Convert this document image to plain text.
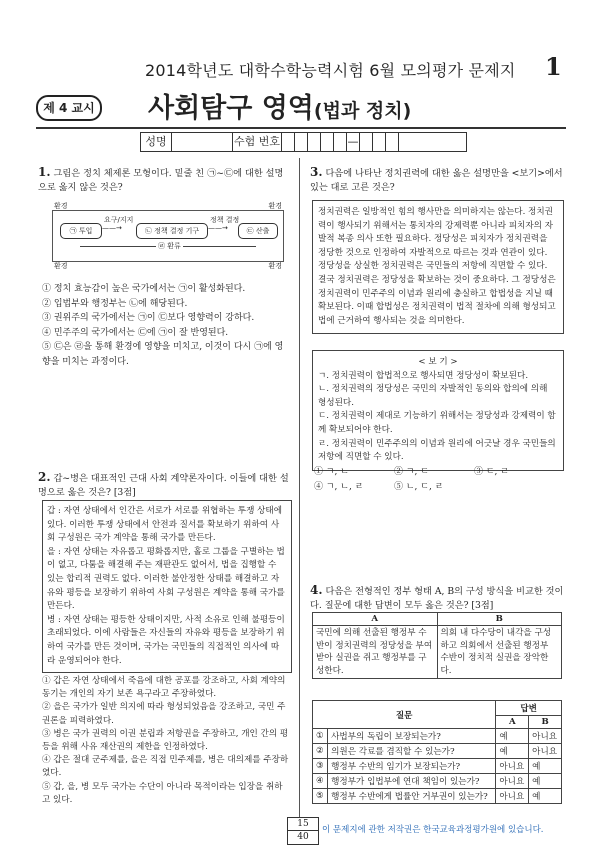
2014학년도 대학수학능력시험 6월 모의평가 문제지 1
제 4 교시 사회탐구 영역(법과 정치)
성명	수험 번호	—
1. 그림은 정치 체제론 모형이다. 밑줄 친 ㉠~㉢에 대한 설명으로 옳지 않은 것은?
환경	환경
환경	환경
㉠ 투입
요구/지지
——→	㉡ 정책 결정 기구
정책 결정
——→	㉢ 산출
㉣ 환류
① 정치 효능감이 높은 국가에서는 ㉠이 활성화된다.
② 입법부와 행정부는 ㉡에 해당된다.
③ 권위주의 국가에서는 ㉠이 ㉢보다 영향력이 강하다.
④ 민주주의 국가에서는 ㉢에 ㉠이 잘 반영된다.
⑤ ㉢은 ㉣을 통해 환경에 영향을 미치고, 이것이 다시 ㉠에 영향을 미치는 과정이다.
2. 갑~병은 대표적인 근대 사회 계약론자이다. 이들에 대한 설명으로 옳은 것은? [3점]
갑 : 자연 상태에서 인간은 서로가 서로를 위협하는 투쟁 상태에 있다. 이러한 투쟁 상태에서 안전과 질서를 확보하기 위하여 사회 구성원은 국가 계약을 통해 국가를 만든다.
을 : 자연 상태는 자유롭고 평화롭지만, 홀로 그룹을 구별하는 법이 없고, 다툼을 해결해 주는 재판관도 없어서, 법을 집행할 수 있는 합리적 권력도 없다. 이러한 불안정한 상태를 해결하고 자유와 평등을 보장하기 위하여 사회 구성원은 계약을 통해 국가를 만든다.
병 : 자연 상태는 평등한 상태이지만, 사적 소유로 인해 불평등이 초래되었다. 이에 사람들은 자신들의 자유와 평등을 보장하기 위하여 국가를 만든 것이며, 국가는 국민들의 직접적인 의사에 따라 운영되어야 한다.
① 갑은 자연 상태에서 죽음에 대한 공포를 강조하고, 사회 계약의 동기는 개인의 자기 보존 욕구라고 주장하였다.
② 을은 국가가 일반 의지에 따라 형성되었음을 강조하고, 국민 주권론을 피력하였다.
③ 병은 국가 권력의 이권 분립과 저항권을 주장하고, 개인 간의 평등을 위해 사유 재산권의 제한을 인정하였다.
④ 갑은 절대 군주제를, 을은 직접 민주제를, 병은 대의제를 주장하였다.
⑤ 갑, 을, 병 모두 국가는 수단이 아니라 목적이라는 입장을 취하고 있다.
3. 다음에 나타난 정치권력에 대한 옳은 설명만을 <보기>에서 있는 대로 고른 것은?
정치권력은 일방적인 힘의 행사만을 의미하지는 않는다. 정치권력이 행사되기 위해서는 통치자의 강제력뿐 아니라 피치자의 자발적 복종 의사 또한 필요하다. 정당성은 피치자가 정치권력을 정당한 것으로 인정하여 자발적으로 따르는 것과 연관이 있다. 정당성을 상실한 정치권력은 국민들의 저항에 직면할 수 있다. 결국 정치권력은 정당성을 확보하는 것이 중요하다. 그 정당성은 정치권력이 민주주의 이념과 원리에 충실하고 합법성을 지닐 때 확보된다. 이때 합법성은 정치권력이 법적 절차에 의해 형성되고 법에 근거하여 행사되는 것을 의미한다.
< 보 기 >
ㄱ. 정치권력이 합법적으로 행사되면 정당성이 확보된다.
ㄴ. 정치권력의 정당성은 국민의 자발적인 동의와 합의에 의해 형성된다.
ㄷ. 정치권력이 제대로 기능하기 위해서는 정당성과 강제력이 함께 확보되어야 한다.
ㄹ. 정치권력이 민주주의의 이념과 원리에 어긋날 경우 국민들의 저항에 직면할 수 있다.
① ㄱ, ㄴ	② ㄱ, ㄷ	③ ㄷ, ㄹ
④ ㄱ, ㄴ, ㄹ	⑤ ㄴ, ㄷ, ㄹ
4. 다음은 전형적인 정부 형태 A, B의 구성 방식을 비교한 것이다. 질문에 대한 답변이 모두 옳은 것은? [3점]
A	B
국민에 의해 선출된 행정부 수반이 정치권력의 정당성을 부여받아 실권을 쥐고 행정부를 구성한다.	의회 내 다수당이 내각을 구성하고 의회에서 선출된 행정부 수반이 정치적 실권을 장악한다.
질문		답변	
		A	B
①	사법부의 독립이 보장되는가?	예	아니요
②	의원은 각료를 겸직할 수 있는가?	예	아니요
③	행정부 수반의 임기가 보장되는가?	아니요	예
④	행정부가 입법부에 연대 책임이 있는가?	아니요	예
⑤	행정부 수반에게 법률안 거부권이 있는가?	아니요	예
15
40
이 문제지에 관한 저작권은 한국교육과정평가원에 있습니다.
